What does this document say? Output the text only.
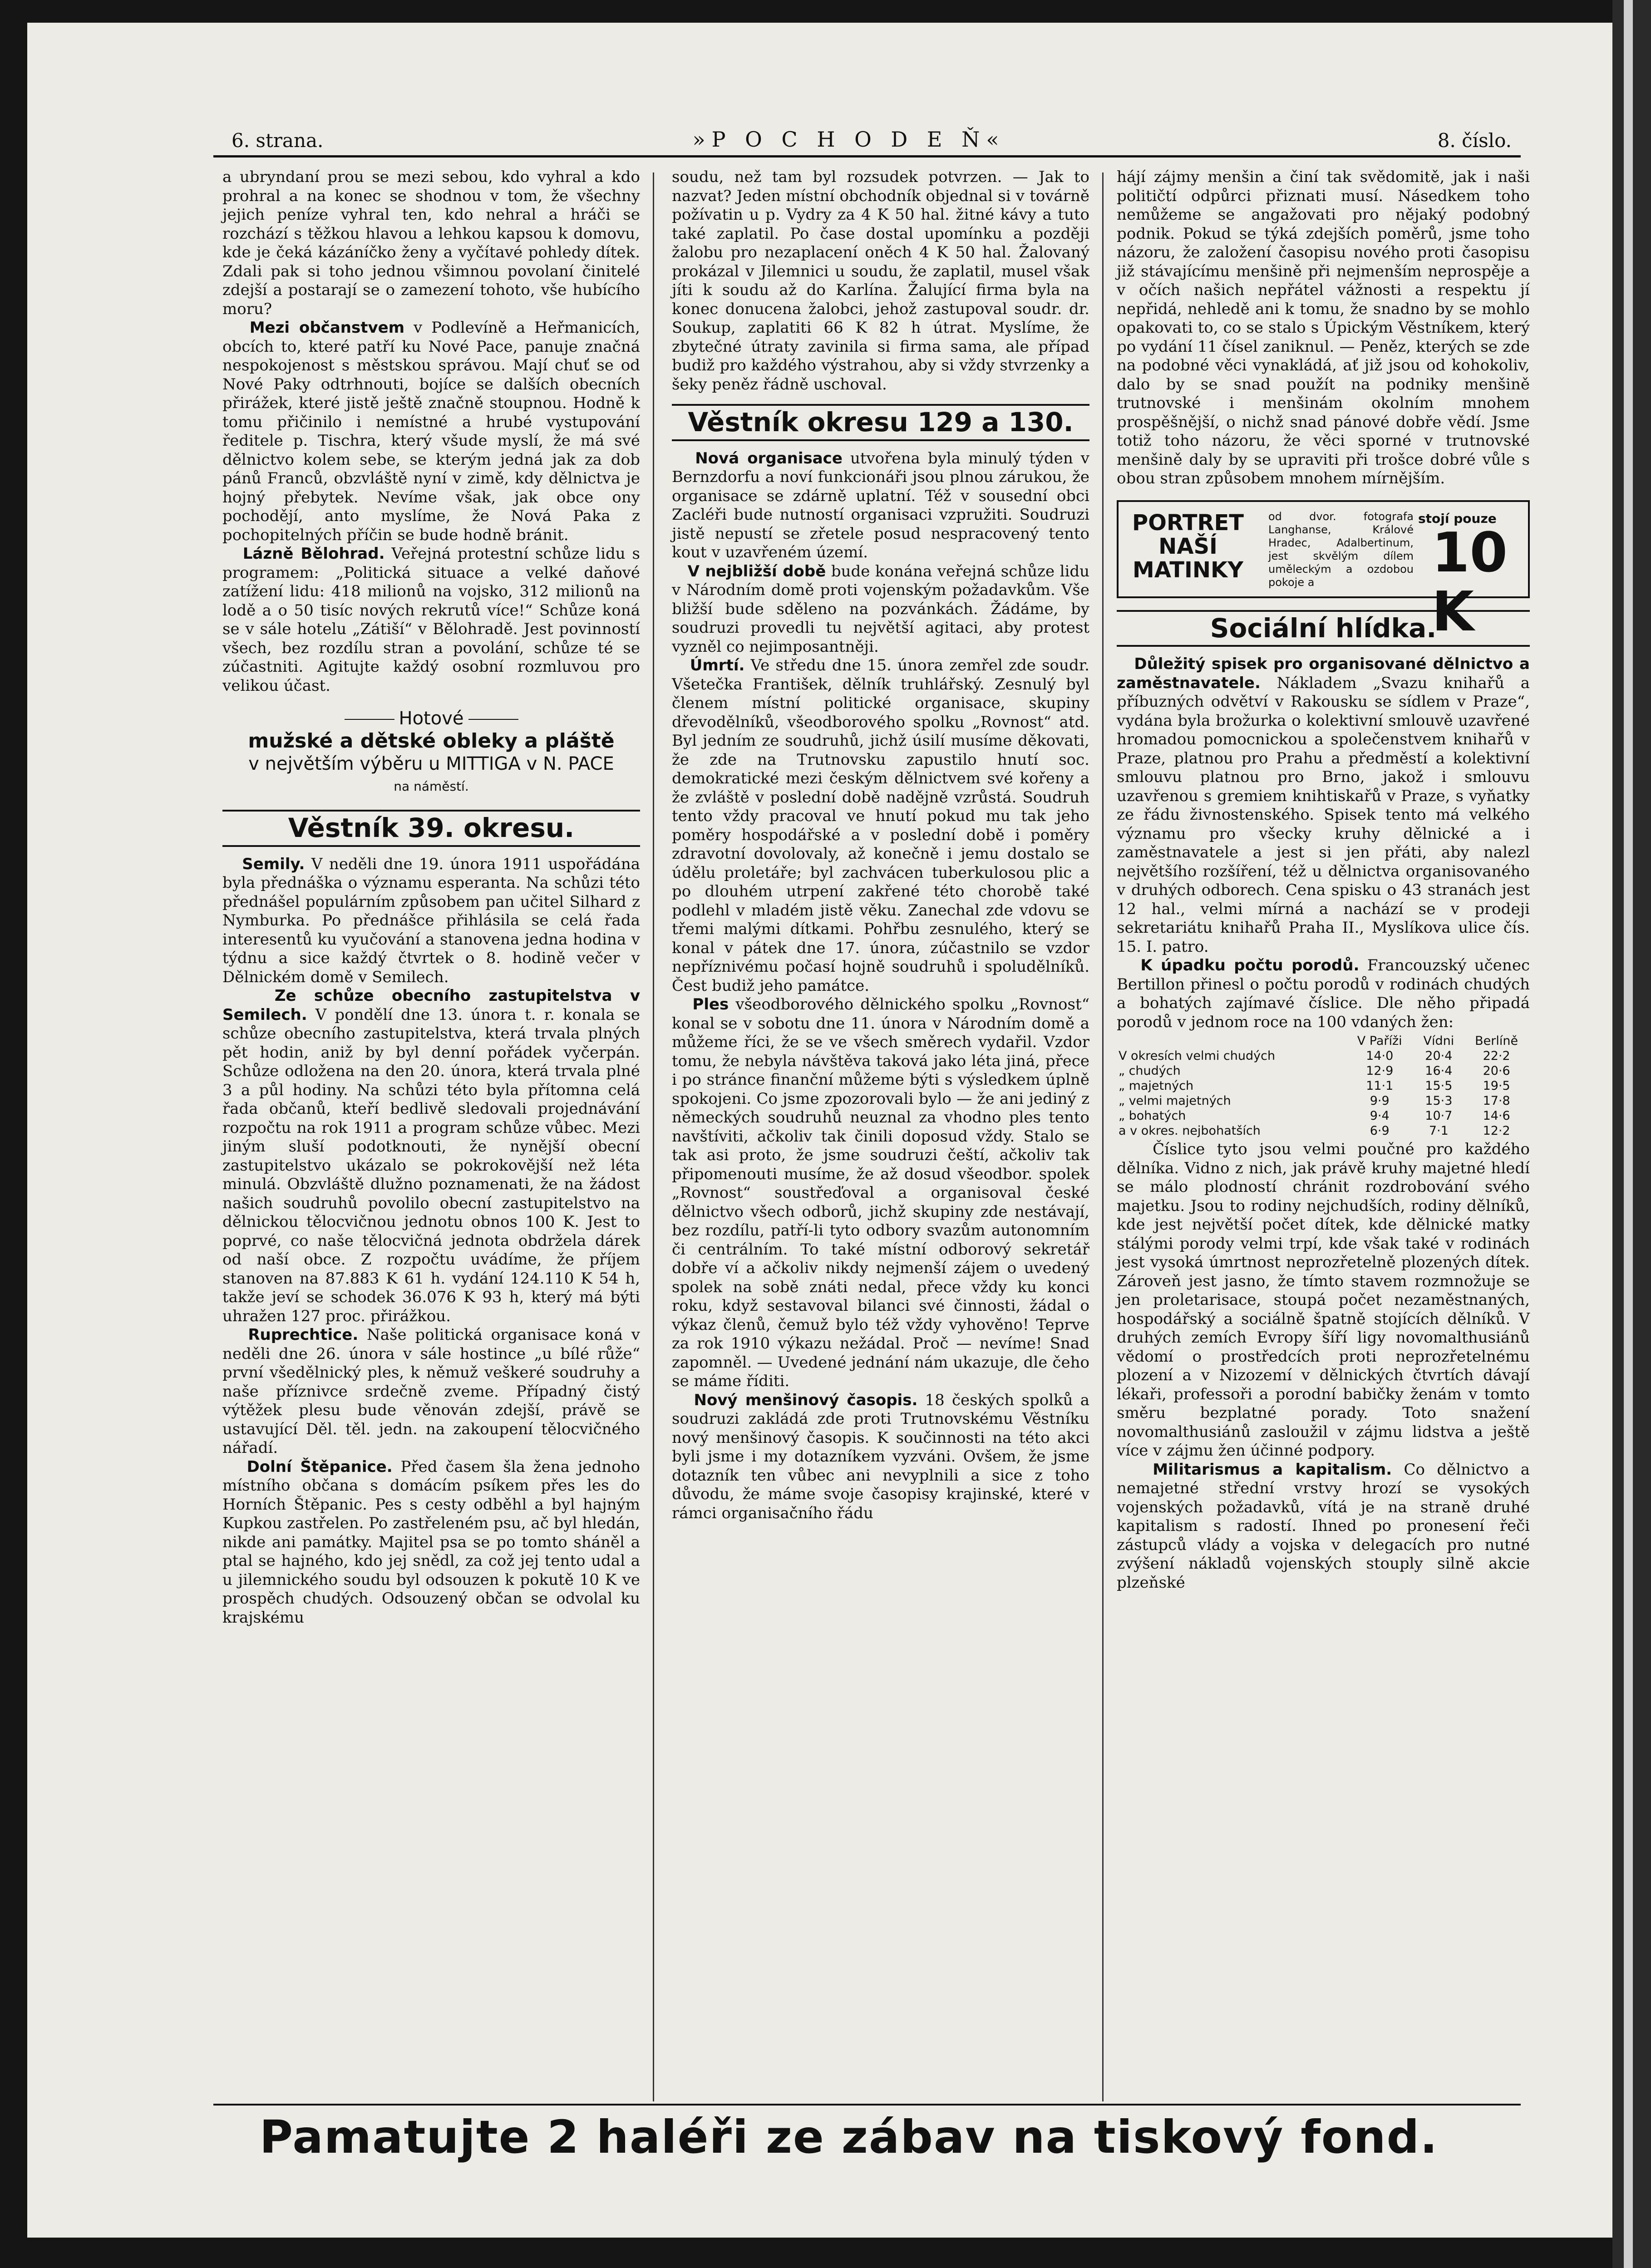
6. strana.	»P O C H O D E Ň«	8. číslo.

a ubryndaní prou se mezi sebou, kdo vyhral a kdo prohral a na konec se shodnou v tom, že všechny jejich peníze vyhral ten, kdo nehral a hráči se rozchází s těžkou hlavou a lehkou kapsou k domovu, kde je čeká kázáníčko ženy a vyčítavé pohledy dítek. Zdali pak si toho jednou všimnou povolaní činitelé zdejší a postarají se o zamezení tohoto, vše hubícího moru?

Mezi občanstvem v Podlevíně a Heřmanicích, obcích to, které patří ku Nové Pace, panuje značná nespokojenost s městskou správou. Mají chuť se od Nové Paky odtrhnouti, bojíce se dalších obecních přirážek, které jistě ještě značně stoupnou. Hodně k tomu přičinilo i nemístné a hrubé vystupování ředitele p. Tischra, který všude myslí, že má své dělnictvo kolem sebe, se kterým jedná jak za dob pánů Franců, obzvláště nyní v zimě, kdy dělnictva je hojný přebytek. Nevíme však, jak obce ony pochodějí, anto myslíme, že Nová Paka z pochopitelných příčin se bude hodně bránit.

Lázně Bělohrad. Veřejná protestní schůze lidu s programem: „Politická situace a velké daňové zatížení lidu: 418 milionů na vojsko, 312 milionů na lodě a o 50 tisíc nových rekrutů více!“ Schůze koná se v sále hotelu „Zátiší“ v Bělohradě. Jest povinností všech, bez rozdílu stran a povolání, schůze té se zúčastniti. Agitujte každý osobní rozmluvou pro velikou účast.

Hotové
mužské a dětské obleky a pláště
v největším výběru u MITTIGA v N. PACE
na náměstí.
Věstník 39. okresu.

Semily. V neděli dne 19. února 1911 uspořádána byla přednáška o významu esperanta. Na schůzi této přednášel populárním způsobem pan učitel Silhard z Nymburka. Po přednášce přihlásila se celá řada interesentů ku vyučování a stanovena jedna hodina v týdnu a sice každý čtvrtek o 8. hodině večer v Dělnickém domě v Semilech.

Ze schůze obecního zastupitelstva v Semilech. V pondělí dne 13. února t. r. konala se schůze obecního zastupitelstva, která trvala plných pět hodin, aniž by byl denní pořádek vyčerpán. Schůze odložena na den 20. února, která trvala plné 3 a půl hodiny. Na schůzi této byla přítomna celá řada občanů, kteří bedlivě sledovali projednávání rozpočtu na rok 1911 a program schůze vůbec. Mezi jiným sluší podotknouti, že nynější obecní zastupitelstvo ukázalo se pokrokovější než léta minulá. Obzvláště dlužno poznamenati, že na žádost našich soudruhů povolilo obecní zastupitelstvo na dělnickou tělocvičnou jednotu obnos 100 K. Jest to poprvé, co naše tělocvičná jednota obdržela dárek od naší obce. Z rozpočtu uvádíme, že příjem stanoven na 87.883 K 61 h. vydání 124.110 K 54 h, takže jeví se schodek 36.076 K 93 h, který má býti uhražen 127 proc. přirážkou.

Ruprechtice. Naše politická organisace koná v neděli dne 26. února v sále hostince „u bílé růže“ první všedělnický ples, k němuž veškeré soudruhy a naše příznivce srdečně zveme. Případný čistý výtěžek plesu bude věnován zdejší, právě se ustavující Děl. těl. jedn. na zakoupení tělocvičného nářadí.

Dolní Štěpanice. Před časem šla žena jednoho místního občana s domácím psíkem přes les do Horních Štěpanic. Pes s cesty odběhl a byl hajným Kupkou zastřelen. Po zastřeleném psu, ač byl hledán, nikde ani památky. Majitel psa se po tomto sháněl a ptal se hajného, kdo jej snědl, za což jej tento udal a u jilemnického soudu byl odsouzen k pokutě 10 K ve prospěch chudých. Odsouzený občan se odvolal ku krajskému

soudu, než tam byl rozsudek potvrzen. — Jak to nazvat? Jeden místní obchodník objednal si v továrně požívatin u p. Vydry za 4 K 50 hal. žitné kávy a tuto také zaplatil. Po čase dostal upomínku a později žalobu pro nezaplacení oněch 4 K 50 hal. Žalovaný prokázal v Jilemnici u soudu, že zaplatil, musel však jíti k soudu až do Karlína. Žalující firma byla na konec donucena žalobci, jehož zastupoval soudr. dr. Soukup, zaplatiti 66 K 82 h útrat. Myslíme, že zbytečné útraty zavinila si firma sama, ale případ budiž pro každého výstrahou, aby si vždy stvrzenky a šeky peněz řádně uschoval.

Věstník okresu 129 a 130.

Nová organisace utvořena byla minulý týden v Bernzdorfu a noví funkcionáři jsou plnou zárukou, že organisace se zdárně uplatní. Též v sousední obci Zacléři bude nutností organisaci vzpružiti. Soudruzi jistě nepustí se zřetele posud nespracovený tento kout v uzavřeném území.

V nejbližší době bude konána veřejná schůze lidu v Národním domě proti vojenským požadavkům. Vše bližší bude sděleno na pozvánkách. Žádáme, by soudruzi provedli tu největší agitaci, aby protest vyzněl co nejimposantněji.

Úmrtí. Ve středu dne 15. února zemřel zde soudr. Všetečka František, dělník truhlářský. Zesnulý byl členem místní politické organisace, skupiny dřevodělníků, všeodborového spolku „Rovnost“ atd. Byl jedním ze soudruhů, jichž úsilí musíme děkovati, že zde na Trutnovsku zapustilo hnutí soc. demokratické mezi českým dělnictvem své kořeny a že zvláště v poslední době nadějně vzrůstá. Soudruh tento vždy pracoval ve hnutí pokud mu tak jeho poměry hospodářské a v poslední době i poměry zdravotní dovolovaly, až konečně i jemu dostalo se údělu proletáře; byl zachvácen tuberkulosou plic a po dlouhém utrpení zakřené této chorobě také podlehl v mladém jistě věku. Zanechal zde vdovu se třemi malými dítkami. Pohřbu zesnulého, který se konal v pátek dne 17. února, zúčastnilo se vzdor nepříznivému počasí hojně soudruhů i spoludělníků. Čest budiž jeho památce.

Ples všeodborového dělnického spolku „Rovnost“ konal se v sobotu dne 11. února v Národním domě a můžeme říci, že se ve všech směrech vydařil. Vzdor tomu, že nebyla návštěva taková jako léta jiná, přece i po stránce finanční můžeme býti s výsledkem úplně spokojeni. Co jsme zpozorovali bylo — že ani jediný z německých soudruhů neuznal za vhodno ples tento navštíviti, ačkoliv tak činili doposud vždy. Stalo se tak asi proto, že jsme soudruzi čeští, ačkoliv tak připomenouti musíme, že až dosud všeodbor. spolek „Rovnost“ soustřeďoval a organisoval české dělnictvo všech odborů, jichž skupiny zde nestávají, bez rozdílu, patří-li tyto odbory svazům autonomním či centrálním. To také místní odborový sekretář dobře ví a ačkoliv nikdy nejmenší zájem o uvedený spolek na sobě znáti nedal, přece vždy ku konci roku, když sestavoval bilanci své činnosti, žádal o výkaz členů, čemuž bylo též vždy vyhověno! Teprve za rok 1910 výkazu nežádal. Proč — nevíme! Snad zapomněl. — Uvedené jednání nám ukazuje, dle čeho se máme říditi.

Nový menšinový časopis. 18 českých spolků a soudruzi zakládá zde proti Trutnovskému Věstníku nový menšinový časopis. K součinnosti na této akci byli jsme i my dotazníkem vyzváni. Ovšem, že jsme dotazník ten vůbec ani nevyplnili a sice z toho důvodu, že máme svoje časopisy krajinské, které v rámci organisačního řádu

hájí zájmy menšin a činí tak svědomitě, jak i naši političtí odpůrci přiznati musí. Násedkem toho nemůžeme se angažovati pro nějaký podobný podnik. Pokud se týká zdejších poměrů, jsme toho názoru, že založení časopisu nového proti časopisu již stávajícímu menšině při nejmenším neprospěje a v očích našich nepřátel vážnosti a respektu jí nepřidá, nehledě ani k tomu, že snadno by se mohlo opakovati to, co se stalo s Úpickým Věstníkem, který po vydání 11 čísel zaniknul. — Peněz, kterých se zde na podobné věci vynakládá, ať již jsou od kohokoliv, dalo by se snad použít na podniky menšině trutnovské i menšinám okolním mnohem prospěšnější, o nichž snad pánové dobře vědí. Jsme totiž toho názoru, že věci sporné v trutnovské menšině daly by se upraviti při trošce dobré vůle s obou stran způsobem mnohem mírnějším.

PORTRET
NAŠÍ
MATINKY
od dvor. fotografa Langhanse, Králové Hradec, Adalbertinum, jest skvělým dílem uměleckým a ozdobou pokoje a
stojí pouze
10 K
Sociální hlídka.

Důležitý spisek pro organisované dělnictvo a zaměstnavatele. Nákladem „Svazu knihařů a příbuzných odvětví v Rakousku se sídlem v Praze“, vydána byla brožurka o kolektivní smlouvě uzavřené hromadou pomocnickou a společenstvem knihařů v Praze, platnou pro Prahu a předměstí a kolektivní smlouvu platnou pro Brno, jakož i smlouvu uzavřenou s gremiem knihtiskařů v Praze, s vyňatky ze řádu živnostenského. Spisek tento má velkého významu pro všecky kruhy dělnické a i zaměstnavatele a jest si jen přáti, aby nalezl největšího rozšíření, též u dělnictva organisovaného v druhých odborech. Cena spisku o 43 stranách jest 12 hal., velmi mírná a nachází se v prodeji sekretariátu knihařů Praha II., Myslíkova ulice čís. 15. I. patro.

K úpadku počtu porodů. Francouzský učenec Bertillon přinesl o počtu porodů v rodinách chudých a bohatých zajímavé číslice. Dle něho připadá porodů v jednom roce na 100 vdaných žen:

	V Paříži	Vídni	Berlíně
V okresích velmi chudých	14·0	20·4	22·2
„ chudých	12·9	16·4	20·6
„ majetných	11·1	15·5	19·5
„ velmi majetných	9·9	15·3	17·8
„ bohatých	9·4	10·7	14·6
a v okres. nejbohatších	6·9	7·1	12·2

Číslice tyto jsou velmi poučné pro každého dělníka. Vidno z nich, jak právě kruhy majetné hledí se málo plodností chránit rozdrobování svého majetku. Jsou to rodiny nejchudších, rodiny dělníků, kde jest největší počet dítek, kde dělnické matky stálými porody velmi trpí, kde však také v rodinách jest vysoká úmrtnost neprozřetelně plozených dítek. Zároveň jest jasno, že tímto stavem rozmnožuje se jen proletarisace, stoupá počet nezaměstnaných, hospodářský a sociálně špatně stojících dělníků. V druhých zemích Evropy šíří ligy novomalthusiánů vědomí o prostředcích proti neprozřetelnému plození a v Nizozemí v dělnických čtvrtích dávají lékaři, professoři a porodní babičky ženám v tomto směru bezplatné porady. Toto snažení novomalthusiánů zasloužil v zájmu lidstva a ještě více v zájmu žen účinné podpory.

Militarismus a kapitalism. Co dělnictvo a nemajetné střední vrstvy hrozí se vysokých vojenských požadavků, vítá je na straně druhé kapitalism s radostí. Ihned po pronesení řeči zástupců vlády a vojska v delegacích pro nutné zvýšení nákladů vojenských stouply silně akcie plzeňské

Pamatujte 2 haléři ze zábav na tiskový fond.
